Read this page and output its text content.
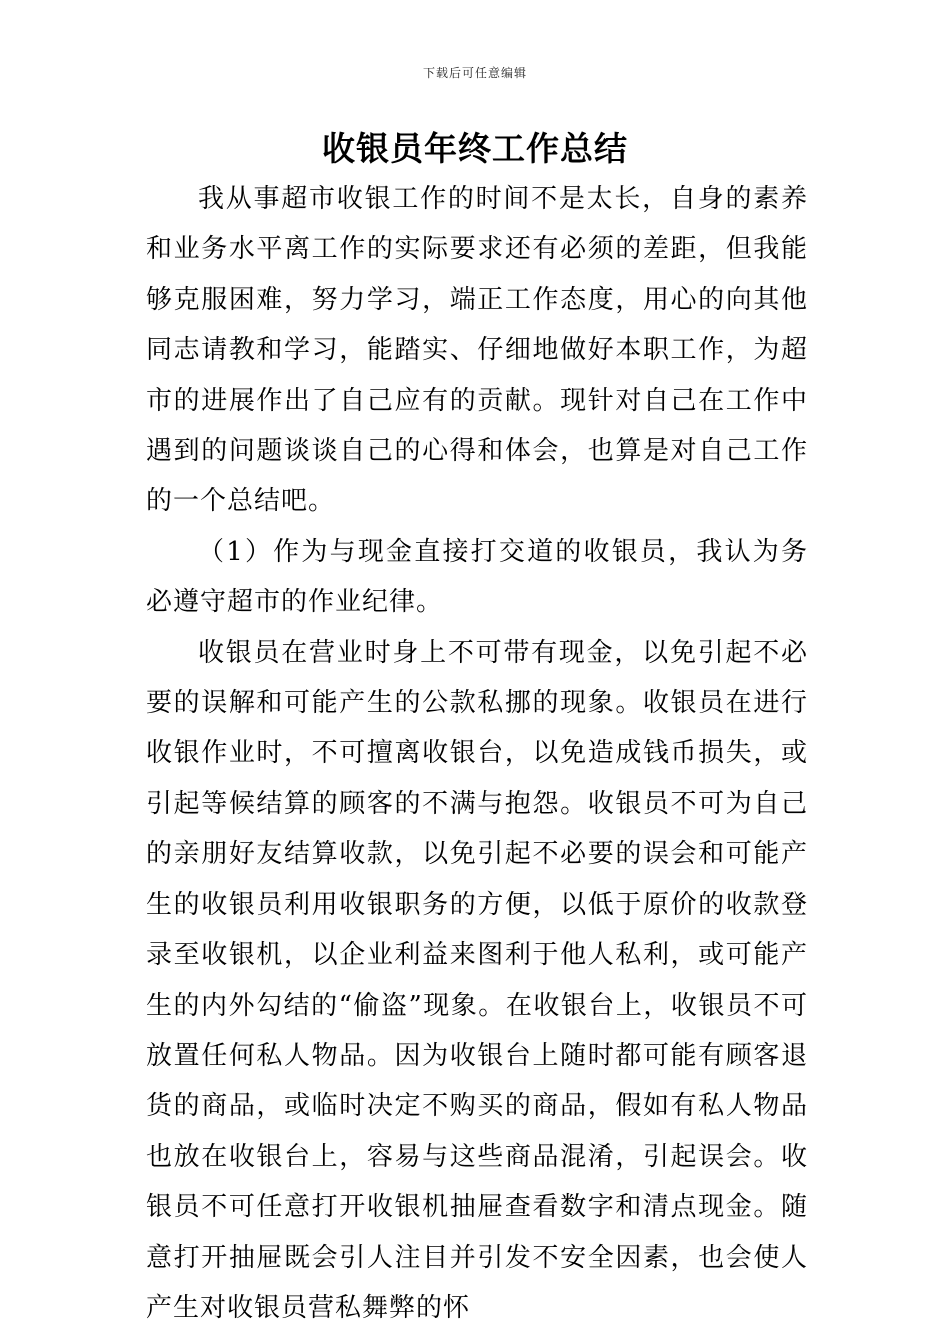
下载后可任意编辑
收银员年终工作总结

我从事超市收银工作的时间不是太长，自身的素养和业务水平离工作的实际要求还有必须的差距，但我能够克服困难，努力学习，端正工作态度，用心的向其他同志请教和学习，能踏实、仔细地做好本职工作，为超市的进展作出了自己应有的贡献。现针对自己在工作中遇到的问题谈谈自己的心得和体会，也算是对自己工作的一个总结吧。

（1）作为与现金直接打交道的收银员，我认为务必遵守超市的作业纪律。

收银员在营业时身上不可带有现金，以免引起不必要的误解和可能产生的公款私挪的现象。收银员在进行收银作业时，不可擅离收银台，以免造成钱币损失，或引起等候结算的顾客的不满与抱怨。收银员不可为自己的亲朋好友结算收款，以免引起不必要的误会和可能产生的收银员利用收银职务的方便，以低于原价的收款登录至收银机，以企业利益来图利于他人私利，或可能产生的内外勾结的“偷盗”现象。在收银台上，收银员不可放置任何私人物品。因为收银台上随时都可能有顾客退货的商品，或临时决定不购买的商品，假如有私人物品也放在收银台上，容易与这些商品混淆，引起误会。收银员不可任意打开收银机抽屉查看数字和清点现金。随意打开抽屉既会引人注目并引发不安全因素，也会使人产生对收银员营私舞弊的怀
